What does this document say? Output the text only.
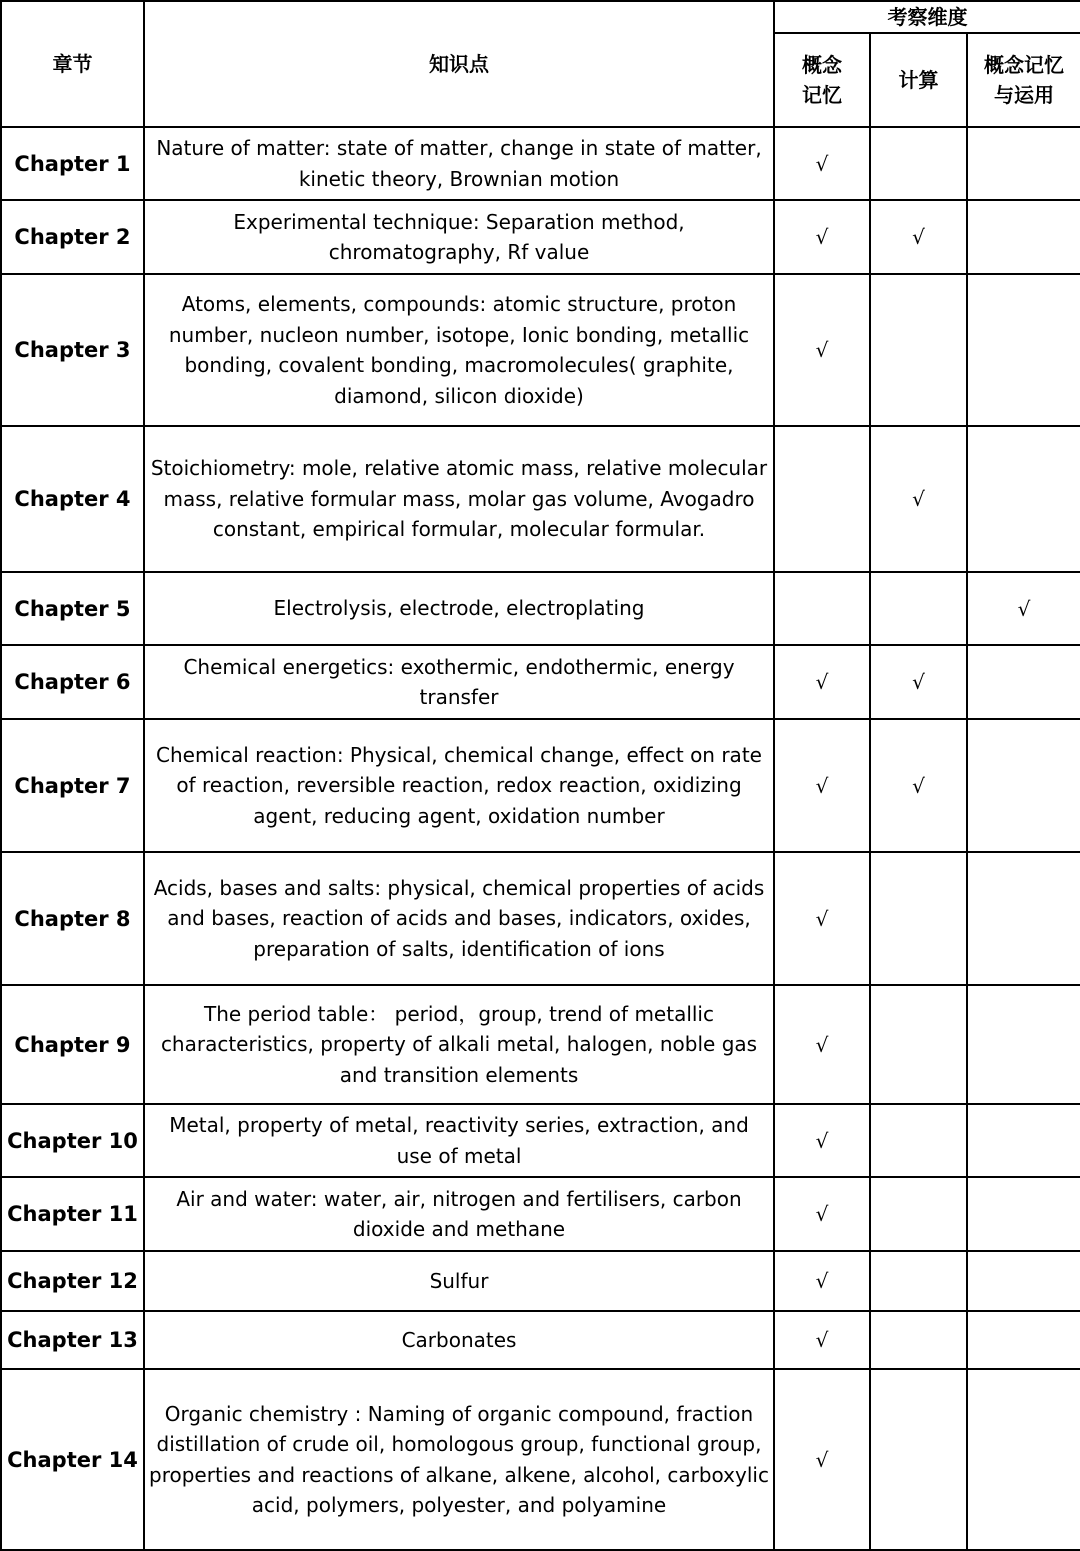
章节	知识点	考察维度		

		概念记忆	计算	概念记忆与运用

Chapter 1	Nature of matter: state of matter, change in state of matter, kinetic theory, Brownian motion	√		
Chapter 2	Experimental technique: Separation method, chromatography, Rf value	√	√	
Chapter 3	Atoms, elements, compounds: atomic structure, proton number, nucleon number, isotope, Ionic bonding, metallic bonding, covalent bonding, macromolecules( graphite, diamond, silicon dioxide)	√		
Chapter 4	Stoichiometry: mole, relative atomic mass, relative molecular mass, relative formular mass, molar gas volume, Avogadro constant, empirical formular, molecular formular.		√	
Chapter 5	Electrolysis, electrode, electroplating			√
Chapter 6	Chemical energetics: exothermic, endothermic, energy transfer	√	√	
Chapter 7	Chemical reaction: Physical, chemical change, effect on rate of reaction, reversible reaction, redox reaction, oxidizing agent, reducing agent, oxidation number	√	√	
Chapter 8	Acids, bases and salts: physical, chemical properties of acids and bases, reaction of acids and bases, indicators, oxides, preparation of salts, identification of ions	√		
Chapter 9	The period table： period，group, trend of metallic characteristics, property of alkali metal, halogen, noble gas and transition elements	√		
Chapter 10	Metal, property of metal, reactivity series, extraction, and use of metal	√		
Chapter 11	Air and water: water, air, nitrogen and fertilisers, carbon dioxide and methane	√		
Chapter 12	Sulfur	√		
Chapter 13	Carbonates	√		
Chapter 14	Organic chemistry : Naming of organic compound, fraction distillation of crude oil, homologous group, functional group, properties and reactions of alkane, alkene, alcohol, carboxylic acid, polymers, polyester, and polyamine	√		
